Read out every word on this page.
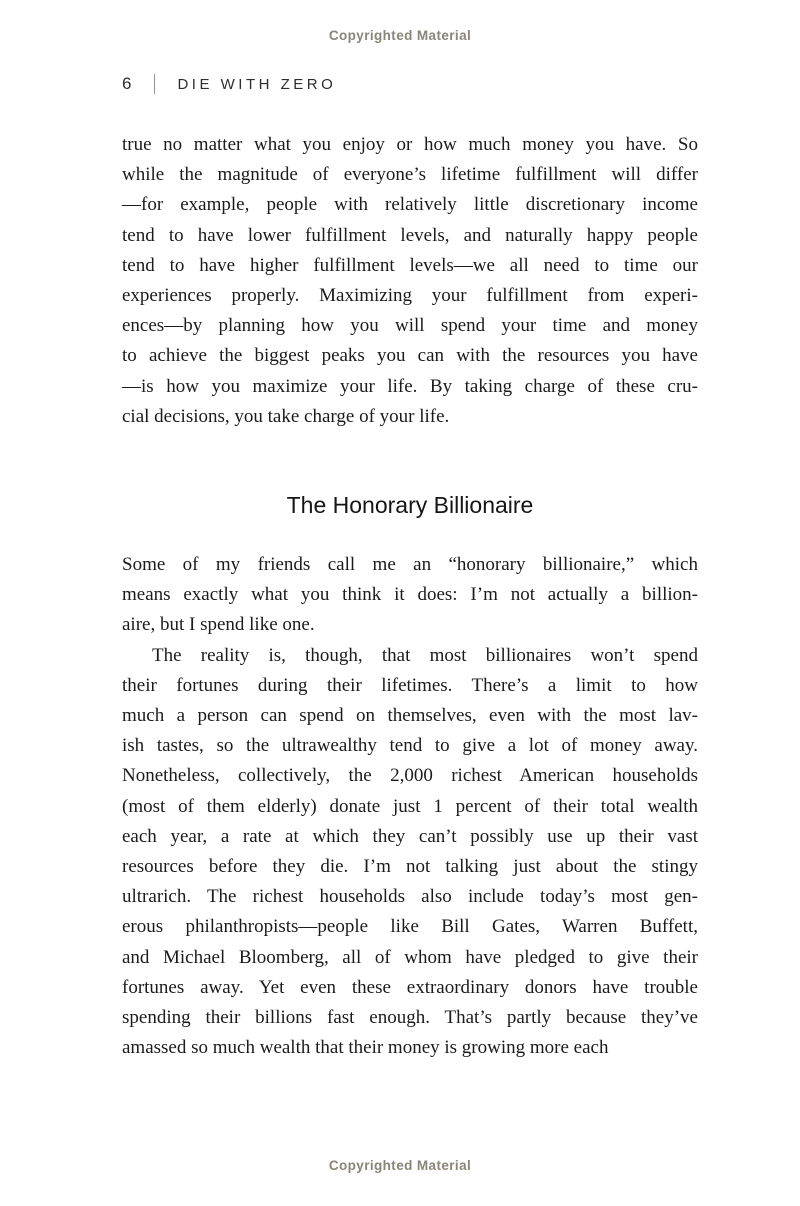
Copyrighted Material
6	DIE WITH ZERO
true no matter what you enjoy or how much money you have. So
while the magnitude of everyone’s lifetime fulfillment will differ
—for example, people with relatively little discretionary income
tend to have lower fulfillment levels, and naturally happy people
tend to have higher fulfillment levels—we all need to time our
experiences properly. Maximizing your fulfillment from experi-
ences—by planning how you will spend your time and money
to achieve the biggest peaks you can with the resources you have
—is how you maximize your life. By taking charge of these cru-
cial decisions, you take charge of your life.
The Honorary Billionaire
Some of my friends call me an “honorary billionaire,” which
means exactly what you think it does: I’m not actually a billion-
aire, but I spend like one.
The reality is, though, that most billionaires won’t spend
their fortunes during their lifetimes. There’s a limit to how
much a person can spend on themselves, even with the most lav-
ish tastes, so the ultrawealthy tend to give a lot of money away.
Nonetheless, collectively, the 2,000 richest American households
(most of them elderly) donate just 1 percent of their total wealth
each year, a rate at which they can’t possibly use up their vast
resources before they die. I’m not talking just about the stingy
ultrarich. The richest households also include today’s most gen-
erous philanthropists—people like Bill Gates, Warren Buffett,
and Michael Bloomberg, all of whom have pledged to give their
fortunes away. Yet even these extraordinary donors have trouble
spending their billions fast enough. That’s partly because they’ve
amassed so much wealth that their money is growing more each
Copyrighted Material
